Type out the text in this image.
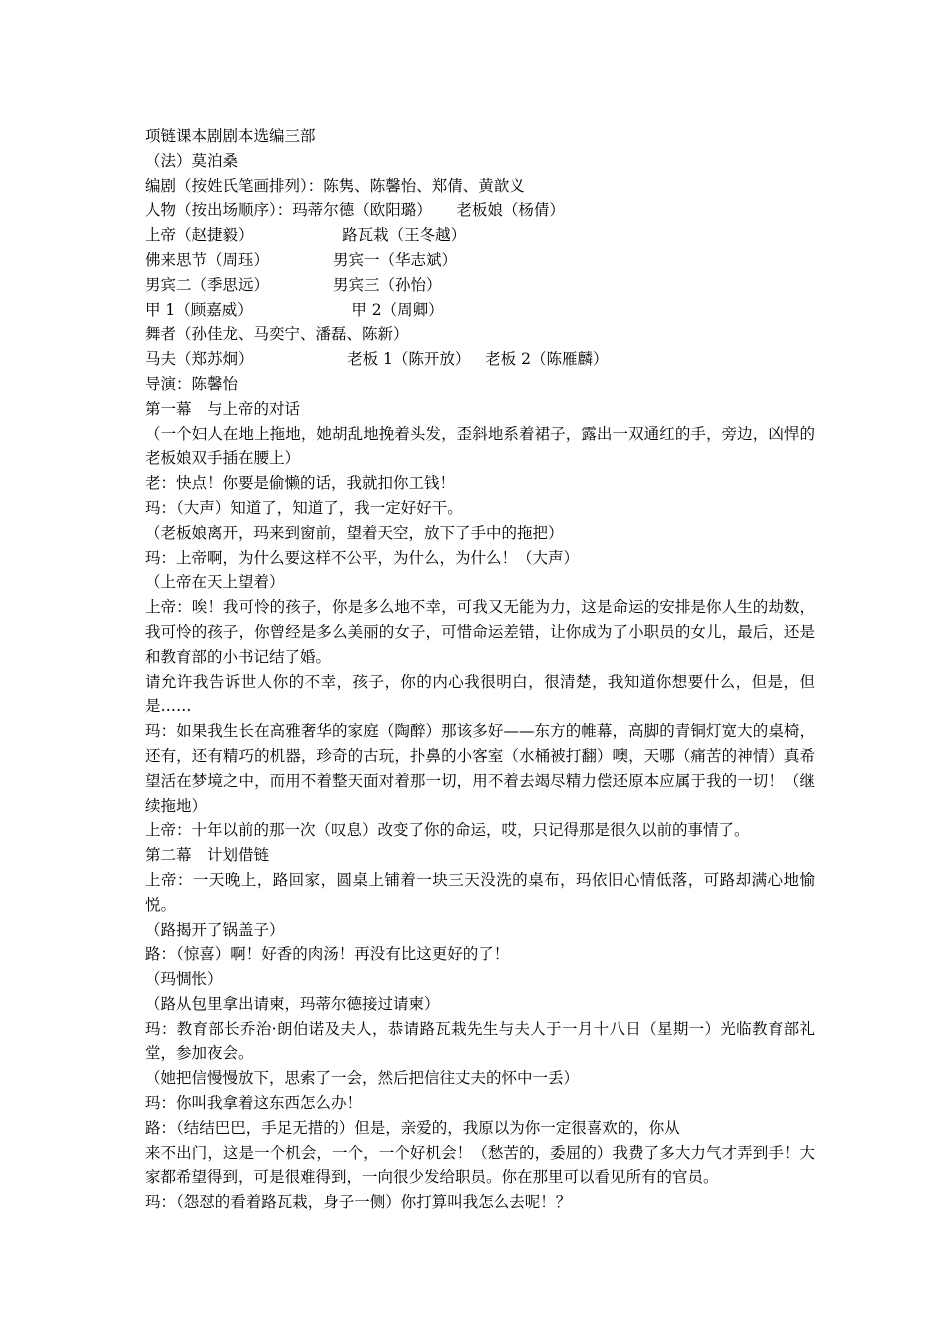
项链课本剧剧本选编三部
（法）莫泊桑
编剧（按姓氏笔画排列）：陈隽、陈馨怡、郑倩、黄歆义
人物（按出场顺序）：玛蒂尔德（欧阳璐）     老板娘（杨倩）
上帝（赵捷毅）                  路瓦栽（王冬越）
佛来思节（周珏）             男宾一（华志斌）
男宾二（季思远）             男宾三（孙怡）
甲 1（顾嘉威）                    甲 2（周卿）
舞者（孙佳龙、马奕宁、潘磊、陈新）
马夫（郑苏炯）                   老板 1（陈开放）   老板 2（陈雁麟）
导演：陈馨怡
第一幕　与上帝的对话
（一个妇人在地上拖地，她胡乱地挽着头发，歪斜地系着裙子，露出一双通红的手，旁边，凶悍的老板娘双手插在腰上）
老：快点！你要是偷懒的话，我就扣你工钱！
玛：（大声）知道了，知道了，我一定好好干。
（老板娘离开，玛来到窗前，望着天空，放下了手中的拖把）
玛：上帝啊，为什么要这样不公平，为什么，为什么！（大声）
（上帝在天上望着）
上帝：唉！我可怜的孩子，你是多么地不幸，可我又无能为力，这是命运的安排是你人生的劫数，我可怜的孩子，你曾经是多么美丽的女子，可惜命运差错，让你成为了小职员的女儿，最后，还是和教育部的小书记结了婚。
请允许我告诉世人你的不幸，孩子，你的内心我很明白，很清楚，我知道你想要什么，但是，但是……
玛：如果我生长在高雅奢华的家庭（陶醉）那该多好——东方的帷幕，高脚的青铜灯宽大的桌椅，还有，还有精巧的机器，珍奇的古玩，扑鼻的小客室（水桶被打翻）噢，天哪（痛苦的神情）真希望活在梦境之中，而用不着整天面对着那一切，用不着去竭尽精力偿还原本应属于我的一切！（继续拖地）
上帝：十年以前的那一次（叹息）改变了你的命运，哎，只记得那是很久以前的事情了。
第二幕　计划借链
上帝：一天晚上，路回家，圆桌上铺着一块三天没洗的桌布，玛依旧心情低落，可路却满心地愉悦。
（路揭开了锅盖子）
路：（惊喜）啊！好香的肉汤！再没有比这更好的了！
（玛惆怅）
（路从包里拿出请柬，玛蒂尔德接过请柬）
玛：教育部长乔治·朗伯诺及夫人，恭请路瓦栽先生与夫人于一月十八日（星期一）光临教育部礼堂，参加夜会。
（她把信慢慢放下，思索了一会，然后把信往丈夫的怀中一丢）
玛：你叫我拿着这东西怎么办！
路：（结结巴巴，手足无措的）但是，亲爱的，我原以为你一定很喜欢的，你从
来不出门，这是一个机会，一个，一个好机会！（愁苦的，委屈的）我费了多大力气才弄到手！大家都希望得到，可是很难得到，一向很少发给职员。你在那里可以看见所有的官员。
玛：（怨怼的看着路瓦栽，身子一侧）你打算叫我怎么去呢！？
